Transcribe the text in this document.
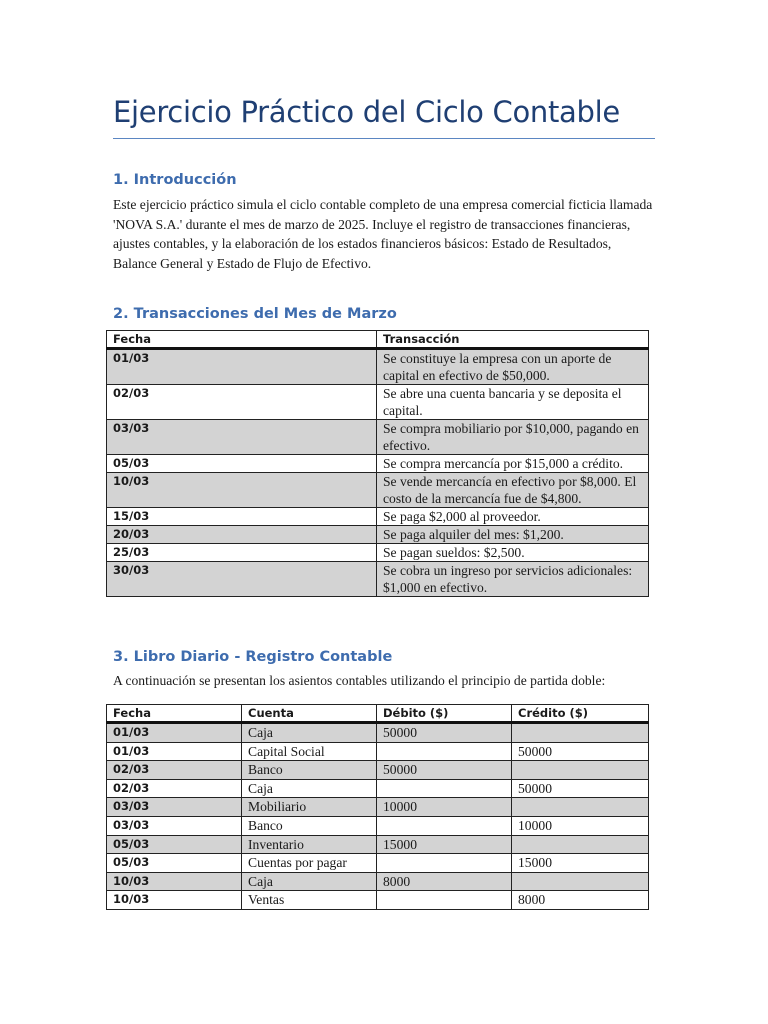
Ejercicio Práctico del Ciclo Contable
1. Introducción
Este ejercicio práctico simula el ciclo contable completo de una empresa comercial ficticia llamada 'NOVA S.A.' durante el mes de marzo de 2025. Incluye el registro de transacciones financieras, ajustes contables, y la elaboración de los estados financieros básicos: Estado de Resultados, Balance General y Estado de Flujo de Efectivo.
2. Transacciones del Mes de Marzo
3. Libro Diario - Registro Contable
A continuación se presentan los asientos contables utilizando el principio de partida doble:
Fecha	Transacción
01/03	Se constituye la empresa con un aporte de capital en efectivo de $50,000.
02/03	Se abre una cuenta bancaria y se deposita el capital.
03/03	Se compra mobiliario por $10,000, pagando en efectivo.
05/03	Se compra mercancía por $15,000 a crédito.
10/03	Se vende mercancía en efectivo por $8,000. El costo de la mercancía fue de $4,800.
15/03	Se paga $2,000 al proveedor.
20/03	Se paga alquiler del mes: $1,200.
25/03	Se pagan sueldos: $2,500.
30/03	Se cobra un ingreso por servicios adicionales: $1,000 en efectivo.
Fecha	Cuenta	Débito ($)	Crédito ($)
01/03	Caja	50000	
01/03	Capital Social		50000
02/03	Banco	50000	
02/03	Caja		50000
03/03	Mobiliario	10000	
03/03	Banco		10000
05/03	Inventario	15000	
05/03	Cuentas por pagar		15000
10/03	Caja	8000	
10/03	Ventas		8000
